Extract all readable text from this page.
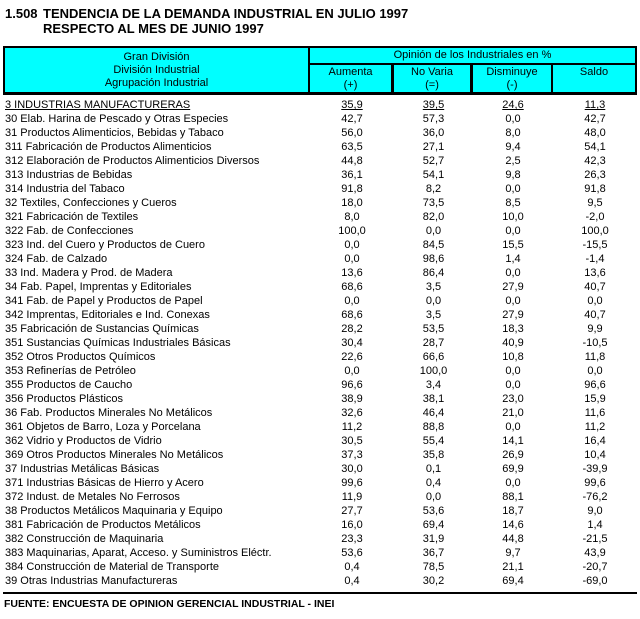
1.508 TENDENCIA DE LA DEMANDA INDUSTRIAL EN JULIO 1997
RESPECTO AL MES DE JUNIO 1997
Gran División
División Industrial
Agrupación Industrial
Opinión de los Industriales en %
Aumenta
(+)
No Varia
(=)
Disminuye
(-)
Saldo
3 INDUSTRIAS MANUFACTURERAS	35,9	39,5	24,6	11,3
30 Elab. Harina de Pescado y Otras Especies	42,7	57,3	0,0	42,7
31 Productos Alimenticios, Bebidas y Tabaco	56,0	36,0	8,0	48,0
311 Fabricación de Productos Alimenticios	63,5	27,1	9,4	54,1
312 Elaboración de Productos Alimenticios Diversos	44,8	52,7	2,5	42,3
313 Industrias de Bebidas	36,1	54,1	9,8	26,3
314 Industria del Tabaco	91,8	8,2	0,0	91,8
32 Textiles, Confecciones y Cueros	18,0	73,5	8,5	9,5
321 Fabricación de Textiles	8,0	82,0	10,0	-2,0
322 Fab. de Confecciones	100,0	0,0	0,0	100,0
323 Ind. del Cuero y Productos de Cuero	0,0	84,5	15,5	-15,5
324 Fab. de Calzado	0,0	98,6	1,4	-1,4
33 Ind. Madera y Prod. de Madera	13,6	86,4	0,0	13,6
34 Fab. Papel, Imprentas y Editoriales	68,6	3,5	27,9	40,7
341 Fab. de Papel y Productos de Papel	0,0	0,0	0,0	0,0
342 Imprentas, Editoriales e Ind. Conexas	68,6	3,5	27,9	40,7
35 Fabricación de Sustancias Químicas	28,2	53,5	18,3	9,9
351 Sustancias Químicas Industriales Básicas	30,4	28,7	40,9	-10,5
352 Otros Productos Químicos	22,6	66,6	10,8	11,8
353 Refinerías de Petróleo	0,0	100,0	0,0	0,0
355 Productos de Caucho	96,6	3,4	0,0	96,6
356 Productos Plásticos	38,9	38,1	23,0	15,9
36 Fab. Productos Minerales No Metálicos	32,6	46,4	21,0	11,6
361 Objetos de Barro, Loza y Porcelana	11,2	88,8	0,0	11,2
362 Vidrio y Productos de Vidrio	30,5	55,4	14,1	16,4
369 Otros Productos Minerales No Metálicos	37,3	35,8	26,9	10,4
37 Industrias Metálicas Básicas	30,0	0,1	69,9	-39,9
371 Industrias Básicas de Hierro y Acero	99,6	0,4	0,0	99,6
372 Indust. de Metales No Ferrosos	11,9	0,0	88,1	-76,2
38 Productos Metálicos Maquinaria y Equipo	27,7	53,6	18,7	9,0
381 Fabricación de Productos Metálicos	16,0	69,4	14,6	1,4
382 Construcción de Maquinaria	23,3	31,9	44,8	-21,5
383 Maquinarias, Aparat, Acceso. y Suministros Eléctr.	53,6	36,7	9,7	43,9
384 Construcción de Material de Transporte	0,4	78,5	21,1	-20,7
39 Otras Industrias Manufactureras	0,4	30,2	69,4	-69,0
FUENTE: ENCUESTA DE OPINION GERENCIAL INDUSTRIAL - INEI
